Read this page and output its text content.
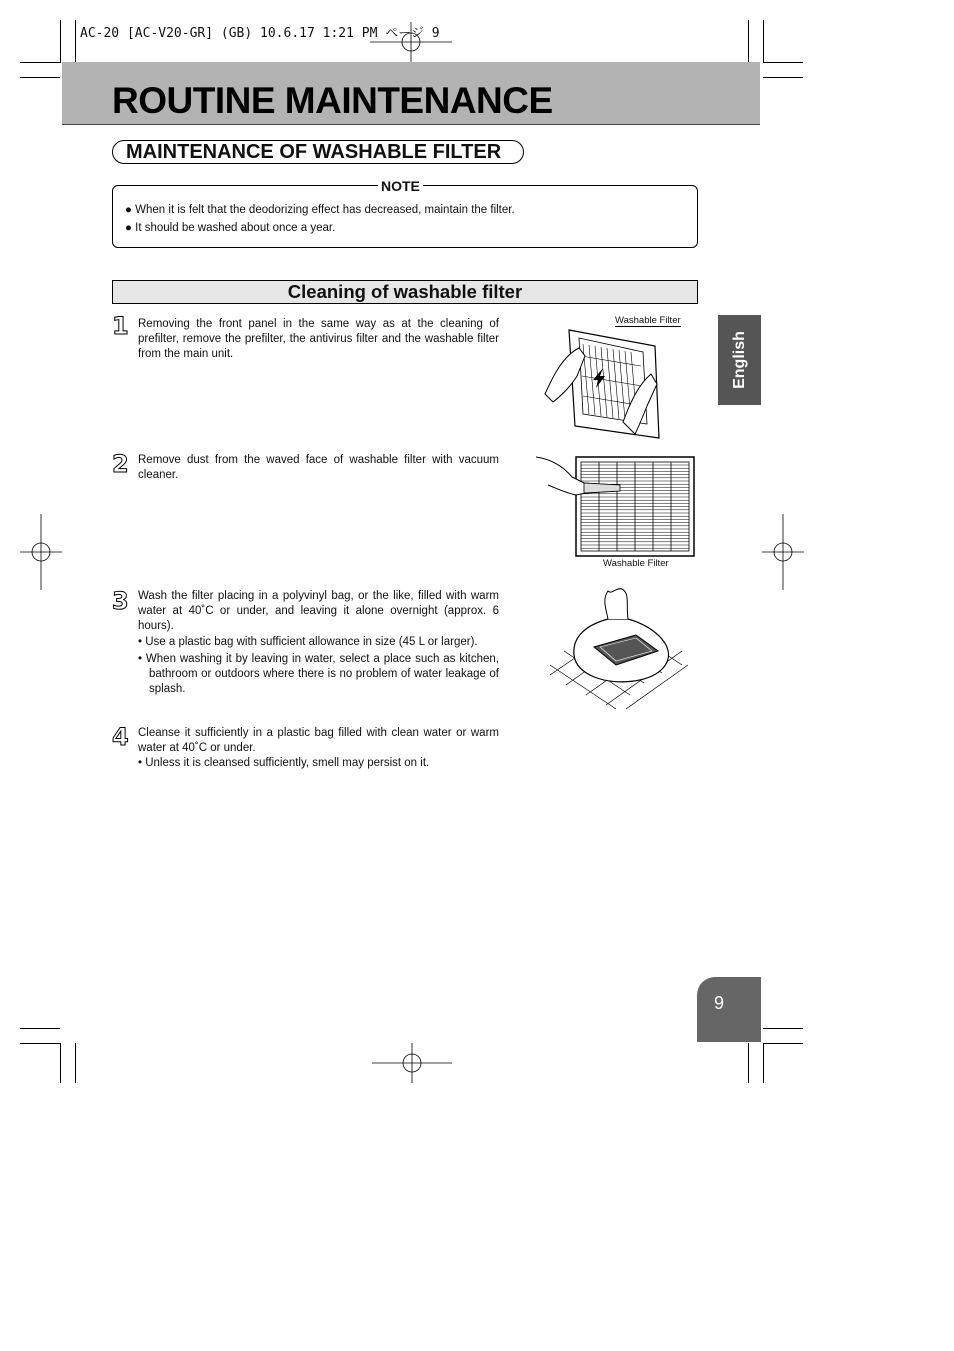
AC-20 [AC-V20-GR] (GB) 10.6.17 1:21 PM ページ 9
ROUTINE MAINTENANCE
MAINTENANCE OF WASHABLE FILTER
NOTE
● When it is felt that the deodorizing effect has decreased, maintain the filter.
● It should be washed about once a year.
Cleaning of washable filter
English
1 Removing the front panel in the same way as at the cleaning of prefilter, remove the prefilter, the antivirus filter and the washable filter from the main unit.

Washable Filter
2 Remove dust from the waved face of washable filter with vacuum cleaner.

Washable Filter
3 Wash the filter placing in a polyvinyl bag, or the like, filled with warm water at 40˚C or under, and leaving it alone overnight (approx. 6 hours).

• Use a plastic bag with sufficient allowance in size (45 L or larger).

• When washing it by leaving in water, select a place such as kitchen, bathroom or outdoors where there is no problem of water leakage of splash.

4 Cleanse it sufficiently in a plastic bag filled with clean water or warm water at 40˚C or under.

• Unless it is cleansed sufficiently, smell may persist on it.

9
